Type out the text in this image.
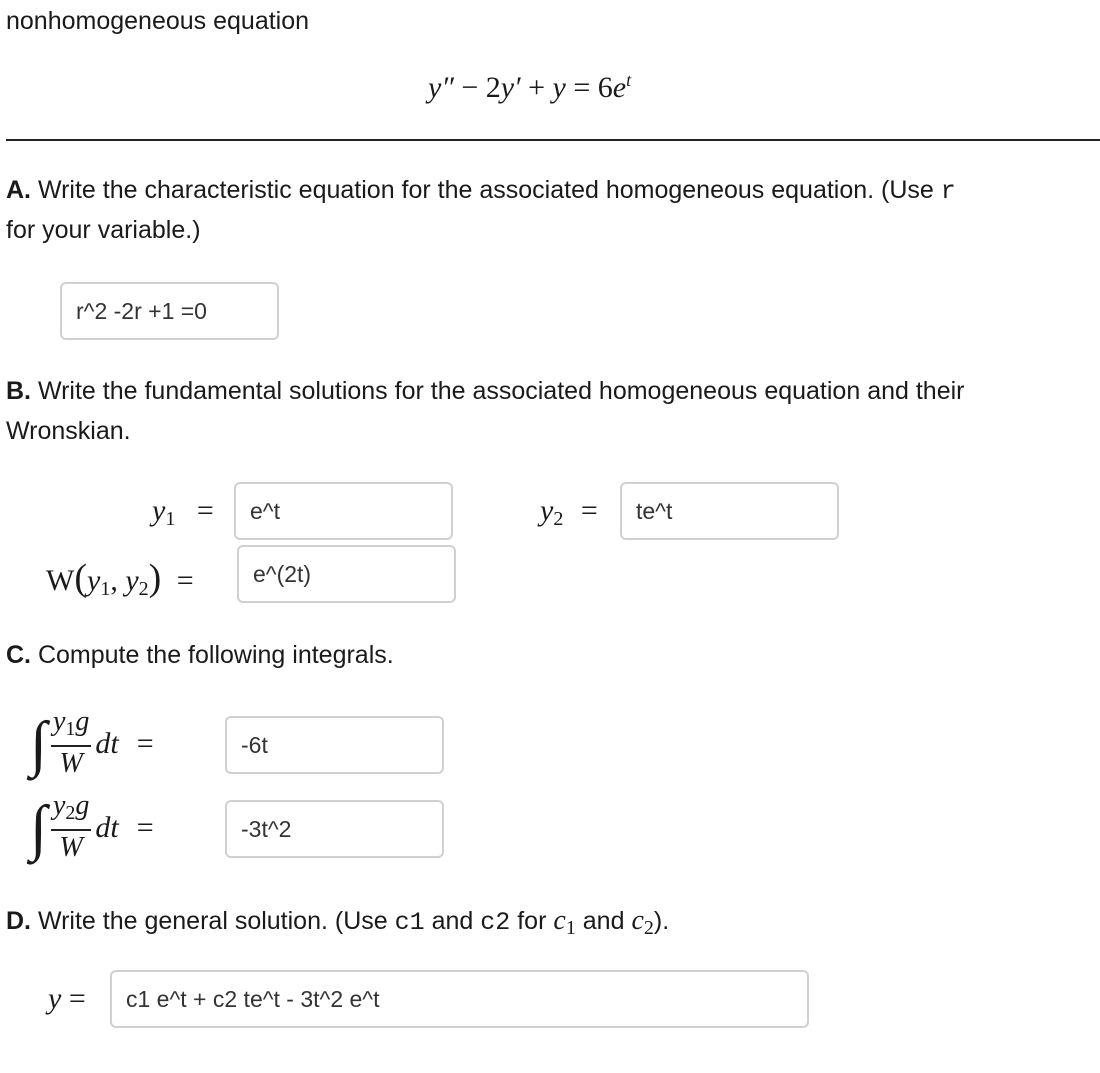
nonhomogeneous equation
$y'' - 2y' + y = 6e^t$
A. Write the characteristic equation for the associated homogeneous equation. (Use r
for your variable.)
r^2 -2r +1 =0
B. Write the fundamental solutions for the associated homogeneous equation and their
Wronskian.
$y_1$ =	e^t	$y_2$ =	te^t
$W(y_1$, $y_2$) =	e^(2t)
C. Compute the following integrals.
∫ $\frac{y_1g}{W}$ dt =	-6t
∫ $\frac{y_2g}{W}$ dt =	-3t^2
D. Write the general solution. (Use c1 and c2 for $c_1$ and $c_2$).
y =	c1 e^t + c2 te^t - 3t^2 e^t
